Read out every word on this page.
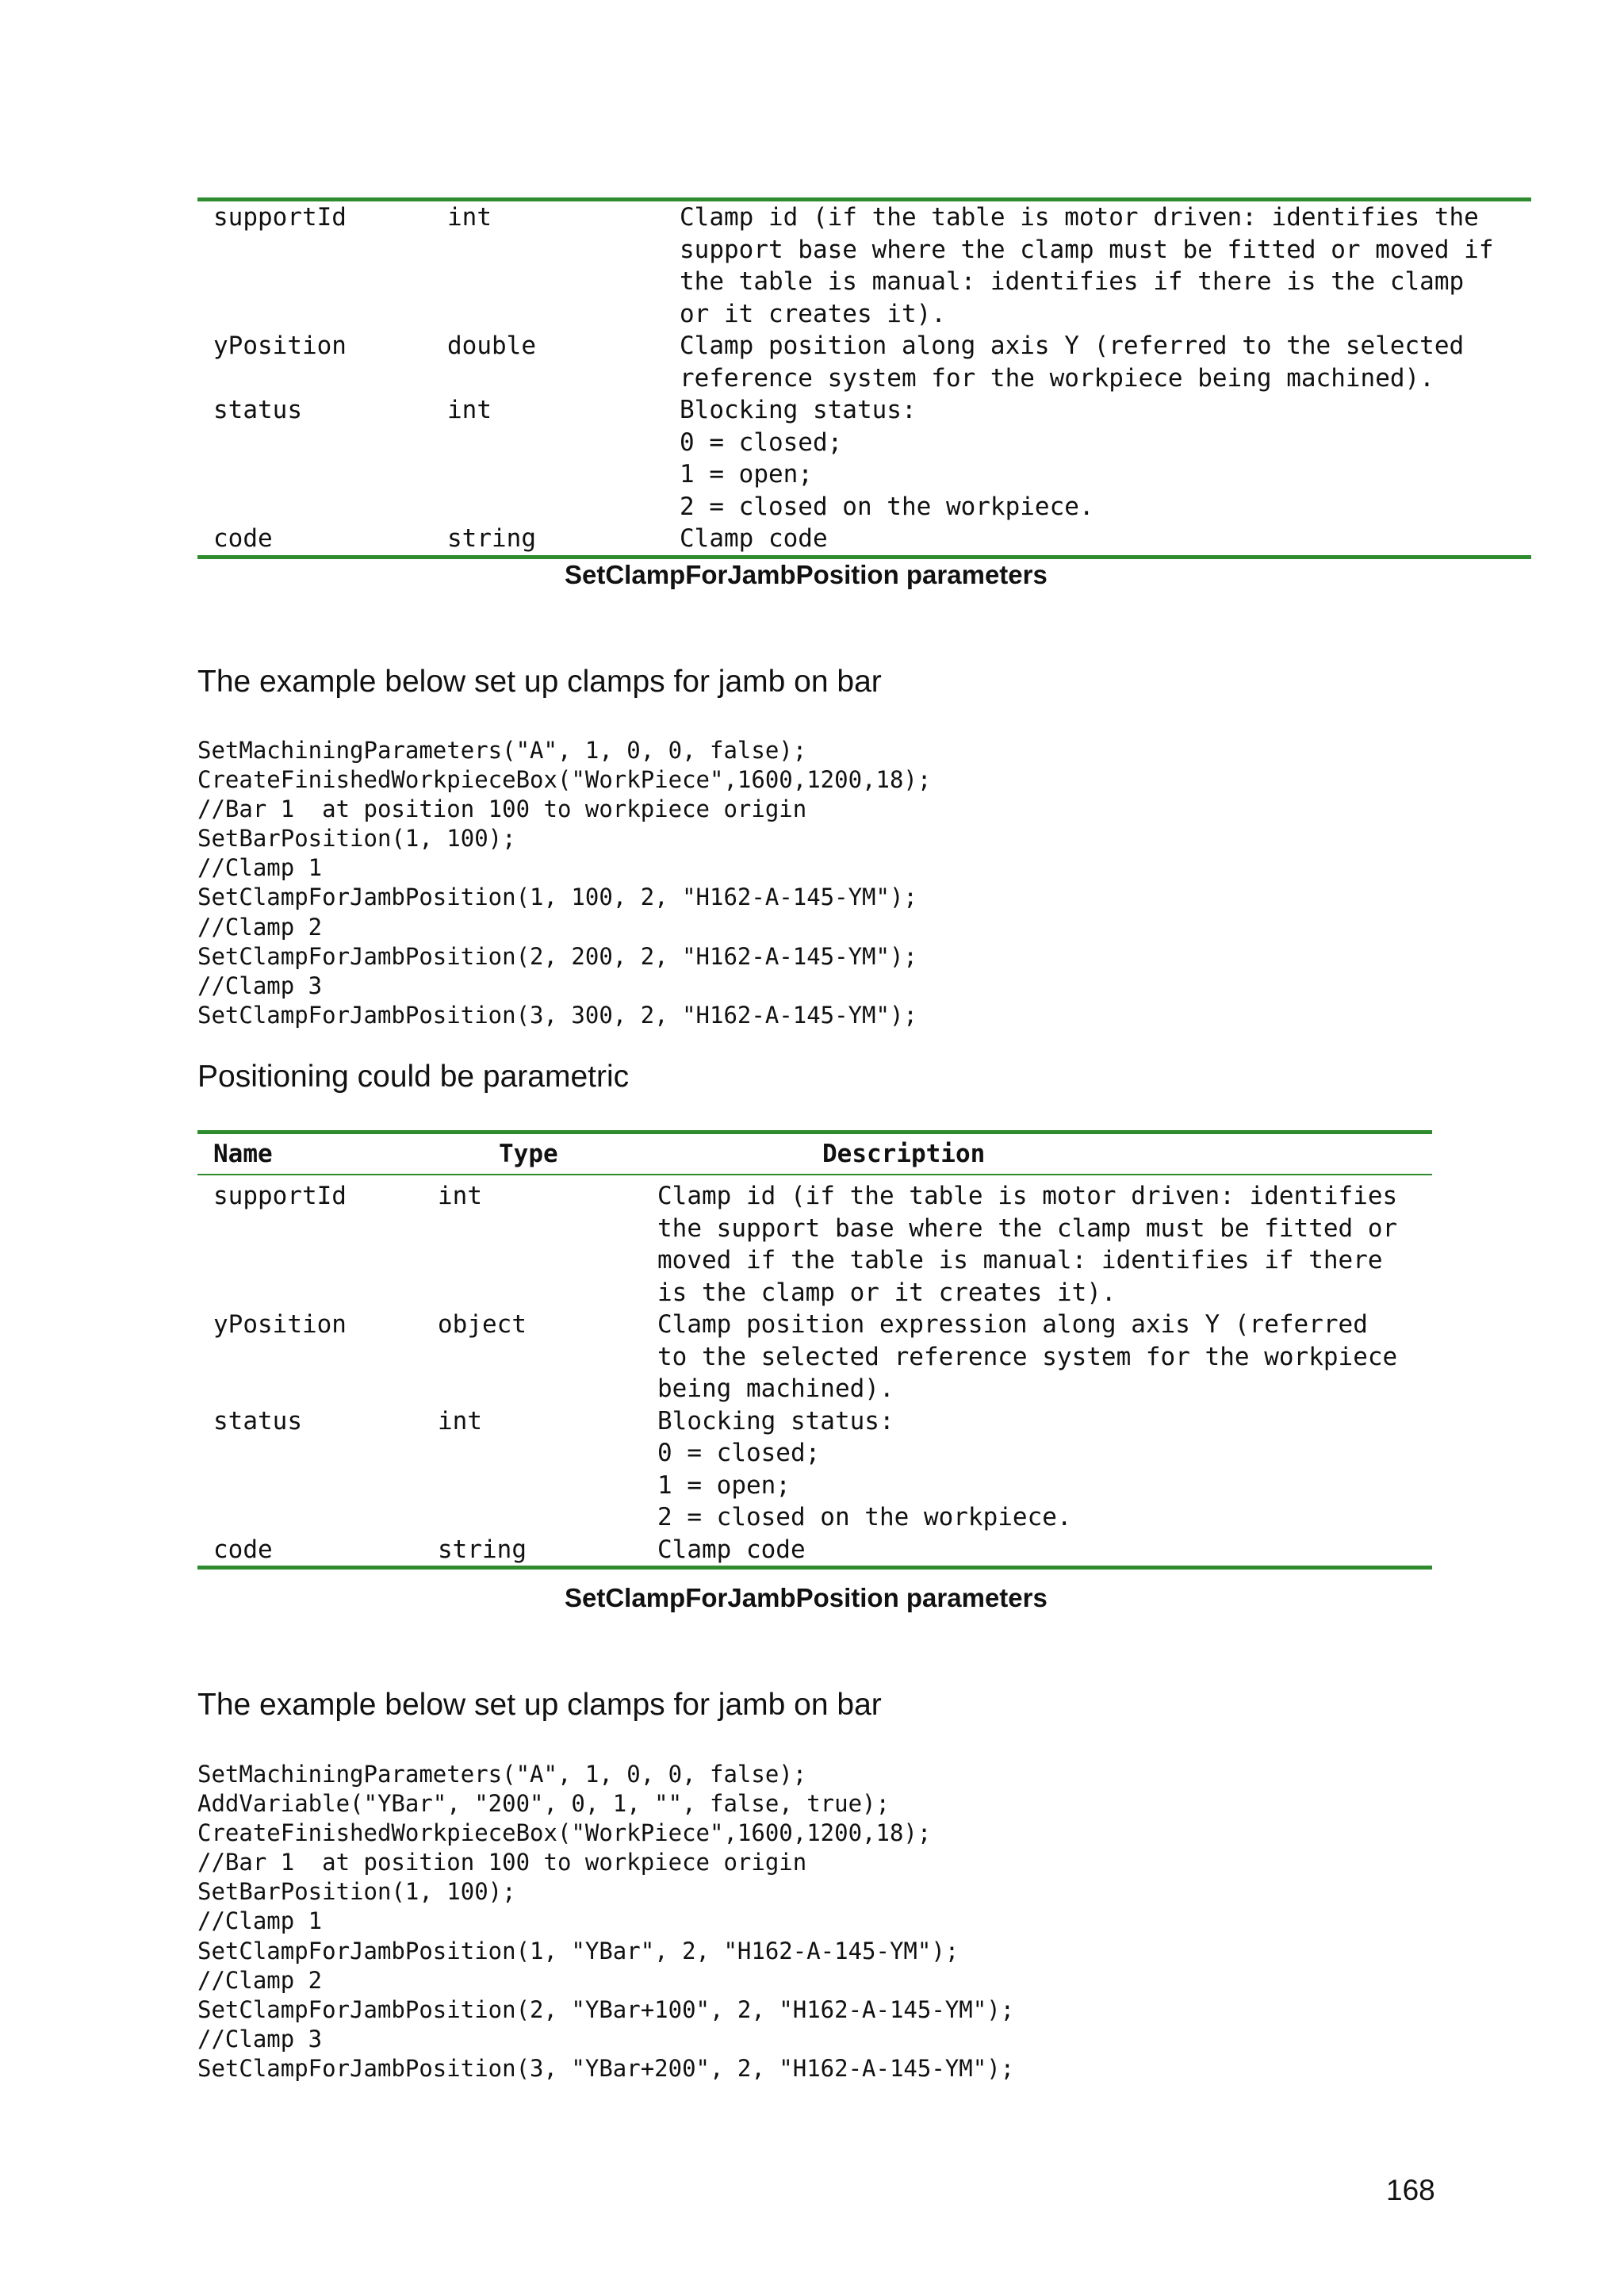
supportId	int	Clamp id (if the table is motor driven: identifies the
support base where the clamp must be fitted or moved if
the table is manual: identifies if there is the clamp
or it creates it).

yPosition	double	Clamp position along axis Y (referred to the selected
reference system for the workpiece being machined).

status	int	Blocking status:
0 = closed;
1 = open;
2 = closed on the workpiece.

code	string	Clamp code
SetClampForJambPosition parameters
The example below set up clamps for jamb on bar
SetMachiningParameters("A", 1, 0, 0, false);
CreateFinishedWorkpieceBox("WorkPiece",1600,1200,18);
//Bar 1  at position 100 to workpiece origin
SetBarPosition(1, 100);
//Clamp 1
SetClampForJambPosition(1, 100, 2, "H162-A-145-YM");
//Clamp 2
SetClampForJambPosition(2, 200, 2, "H162-A-145-YM");
//Clamp 3
SetClampForJambPosition(3, 300, 2, "H162-A-145-YM");
Positioning could be parametric
Name	Type	Description
supportId	int	Clamp id (if the table is motor driven: identifies
the support base where the clamp must be fitted or
moved if the table is manual: identifies if there
is the clamp or it creates it).

yPosition	object	Clamp position expression along axis Y (referred
to the selected reference system for the workpiece
being machined).

status	int	Blocking status:
0 = closed;
1 = open;
2 = closed on the workpiece.

code	string	Clamp code
SetClampForJambPosition parameters
The example below set up clamps for jamb on bar
SetMachiningParameters("A", 1, 0, 0, false);
AddVariable("YBar", "200", 0, 1, "", false, true);
CreateFinishedWorkpieceBox("WorkPiece",1600,1200,18);
//Bar 1  at position 100 to workpiece origin
SetBarPosition(1, 100);
//Clamp 1
SetClampForJambPosition(1, "YBar", 2, "H162-A-145-YM");
//Clamp 2
SetClampForJambPosition(2, "YBar+100", 2, "H162-A-145-YM");
//Clamp 3
SetClampForJambPosition(3, "YBar+200", 2, "H162-A-145-YM");
168
